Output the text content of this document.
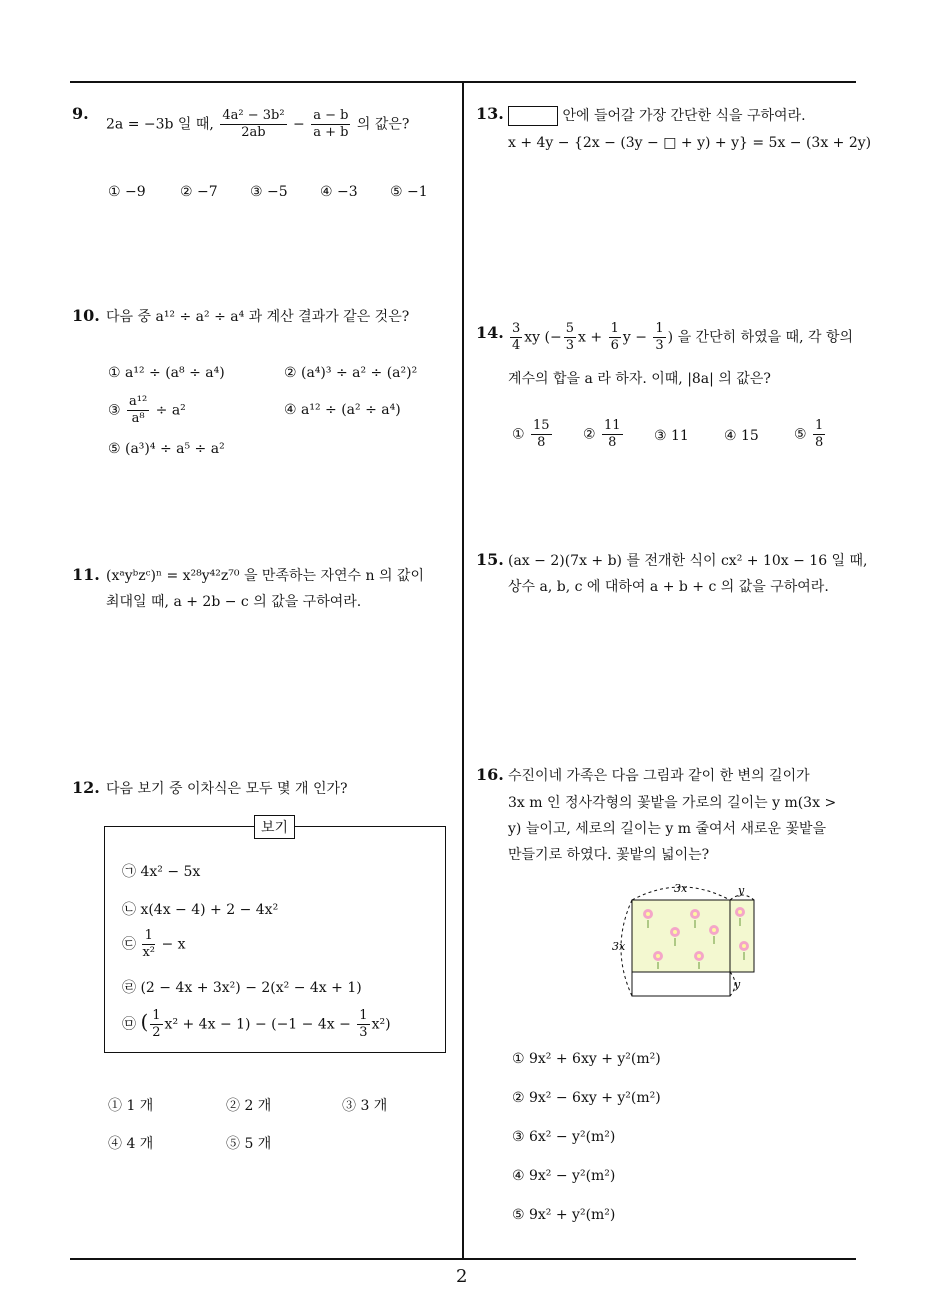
9.
2a = −3b 일 때, $\frac{\text{4a² − 3b²}}{2ab} - \frac{a - b}{a + b}$ 의 값은?
① −9 ② −7 ③ −5 ④ −3 ⑤ −1
10. 다음 중 a¹² ÷ a² ÷ a⁴ 과 계산 결과가 같은 것은?
① a¹² ÷ (a⁸ ÷ a⁴)	② (a⁴)³ ÷ a² ÷ (a²)²
③ $\frac{\text{a¹²}}{\text{a⁸}} \div a^2$	④ a¹² ÷ (a² ÷ a⁴)
⑤ (a³)⁴ ÷ a⁵ ÷ a²
11. (xᵃyᵇzᶜ)ⁿ = x²⁸y⁴²z⁷⁰ 을 만족하는 자연수 n 의 값이
최대일 때, a + 2b − c 의 값을 구하여라.
12. 다음 보기 중 이차식은 모두 몇 개 인가?
보기
㉠ 4x² − 5x
㉡ x(4x − 4) + 2 − 4x²
㉢ $\frac{1}{\text{x²}} - x$
㉣ (2 − 4x + 3x²) − 2(x² − 4x + 1)
㉤ ( $\frac{1}{2} x^2 + 4x - 1) - (-1 - 4x - \frac{1}{3} x^2)$
① 1 개	② 2 개	③ 3 개
④ 4 개	⑤ 5 개
13.	안에 들어갈 가장 간단한 식을 구하여라.
x + 4y − {2x − (3y − □ + y) + y} = 5x − (3x + 2y)
14. $\frac{3}{4}$ xy (− $\frac{5}{3}$ $x + \frac{1}{6}$ $y - \frac{1}{3}$ ) 을 간단히 하였을 때, 각 항의
계수의 합을 a 라 하자. 이때, |8a| 의 값은?
① $\frac{15}{8}$ ② $\frac{11}{8}$ ③ 11	④ 15	⑤ $\frac{1}{8}$
15. (ax − 2)(7x + b) 를 전개한 식이 cx² + 10x − 16 일 때,
상수 a, b, c 에 대하여 a + b + c 의 값을 구하여라.
16. 수진이네 가족은 다음 그림과 같이 한 변의 길이가
3x m 인 정사각형의 꽃밭을 가로의 길이는 y m(3x >
y) 늘이고, 세로의 길이는 y m 줄여서 새로운 꽃밭을
만들기로 하였다. 꽃밭의 넓이는?
3x	y
3x
y
① 9x² + 6xy + y²(m²)
② 9x² − 6xy + y²(m²)
③ 6x² − y²(m²)
④ 9x² − y²(m²)
⑤ 9x² + y²(m²)
2
